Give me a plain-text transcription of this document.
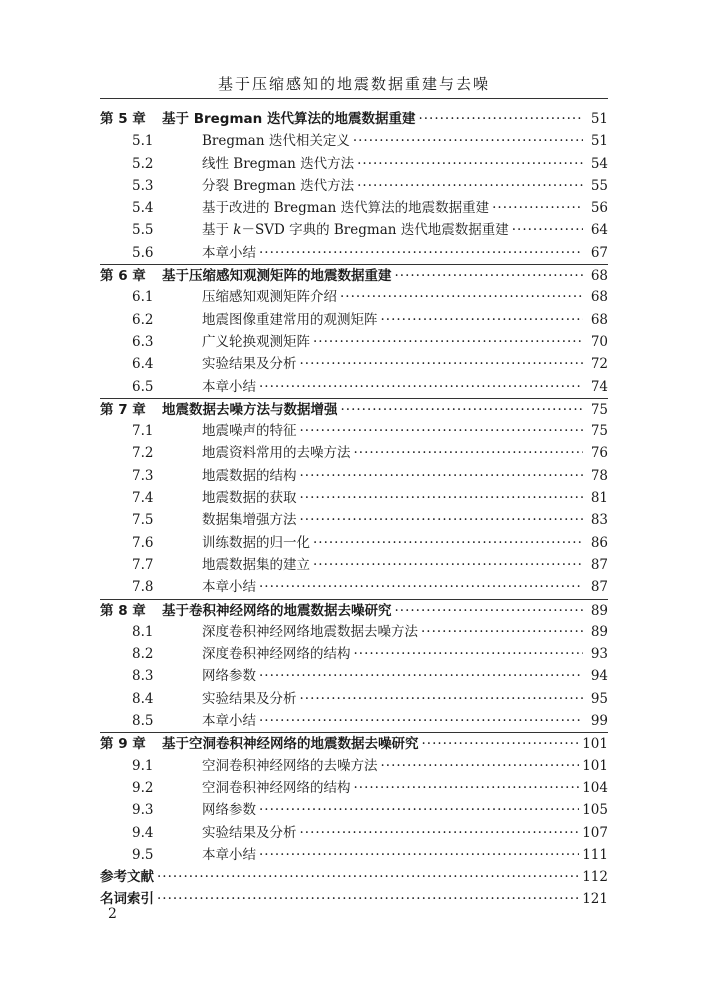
基于压缩感知的地震数据重建与去噪
第 5 章	基于 Bregman 迭代算法的地震数据重建 ·····	51
5.1	Bregman 迭代相关定义 ·····	51
5.2	线性 Bregman 迭代方法 ·····	54
5.3	分裂 Bregman 迭代方法 ·····	55
5.4	基于改进的 Bregman 迭代算法的地震数据重建 ·····	56
5.5	基于 k－SVD 字典的 Bregman 迭代地震数据重建 ·····	64
5.6	本章小结 ·····	67
第 6 章	基于压缩感知观测矩阵的地震数据重建 ·····	68
6.1	压缩感知观测矩阵介绍 ·····	68
6.2	地震图像重建常用的观测矩阵 ·····	68
6.3	广义轮换观测矩阵 ·····	70
6.4	实验结果及分析 ·····	72
6.5	本章小结 ·····	74
第 7 章	地震数据去噪方法与数据增强 ·····	75
7.1	地震噪声的特征 ·····	75
7.2	地震资料常用的去噪方法 ·····	76
7.3	地震数据的结构 ·····	78
7.4	地震数据的获取 ·····	81
7.5	数据集增强方法 ·····	83
7.6	训练数据的归一化 ·····	86
7.7	地震数据集的建立 ·····	87
7.8	本章小结 ·····	87
第 8 章	基于卷积神经网络的地震数据去噪研究 ·····	89
8.1	深度卷积神经网络地震数据去噪方法 ·····	89
8.2	深度卷积神经网络的结构 ·····	93
8.3	网络参数 ·····	94
8.4	实验结果及分析 ·····	95
8.5	本章小结 ·····	99
第 9 章	基于空洞卷积神经网络的地震数据去噪研究 ·····	101
9.1	空洞卷积神经网络的去噪方法 ·····	101
9.2	空洞卷积神经网络的结构 ·····	104
9.3	网络参数 ·····	105
9.4	实验结果及分析 ·····	107
9.5	本章小结 ·····	111
参考文献 ·····	112
名词索引 ·····	121
2
